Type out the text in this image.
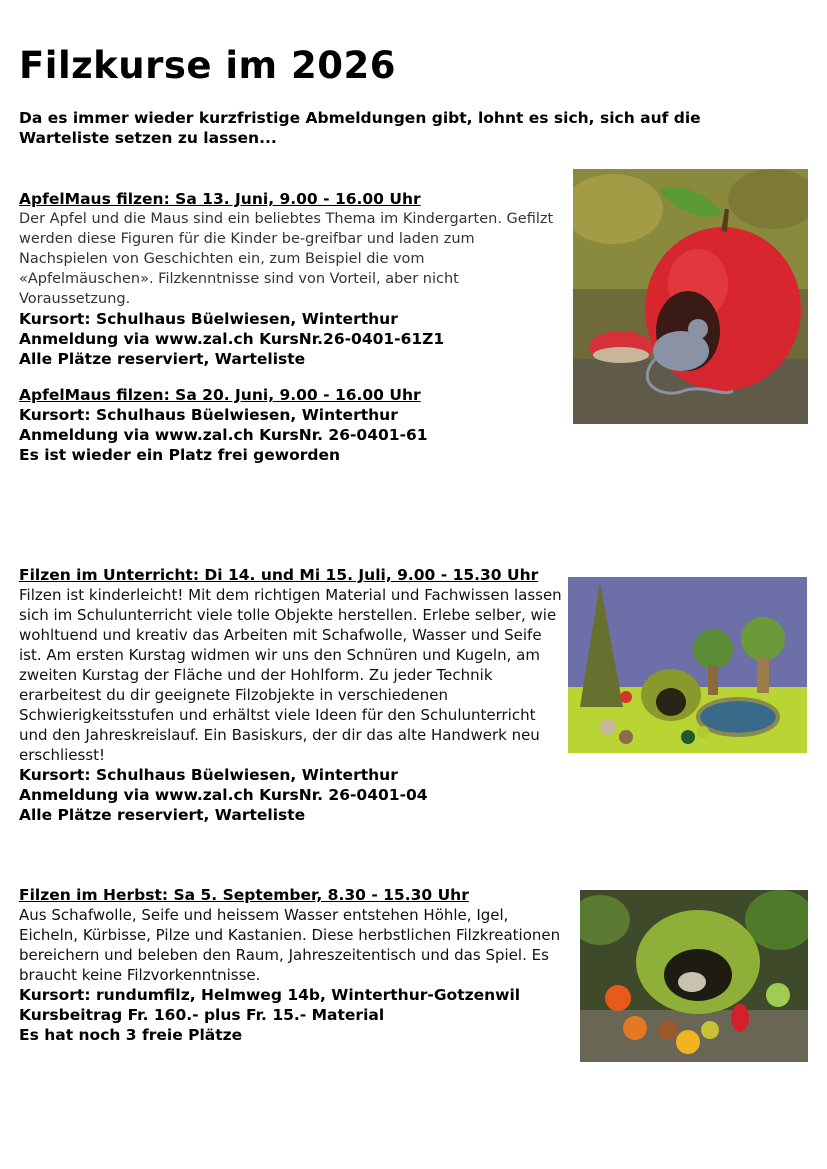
Filzkurse im 2026
Da es immer wieder kurzfristige Abmeldungen gibt, lohnt es sich, sich auf die Warteliste setzen zu lassen...
ApfelMaus filzen: Sa 13. Juni, 9.00 - 16.00 Uhr
Der Apfel und die Maus sind ein beliebtes Thema im Kindergarten. Gefilzt werden diese Figuren für die Kinder be-greifbar und laden zum Nachspielen von Geschichten ein, zum Beispiel die vom «Apfelmäuschen». Filzkenntnisse sind von Vorteil, aber nicht Voraussetzung.
Kursort: Schulhaus Büelwiesen, Winterthur
Anmeldung via www.zal.ch KursNr.26-0401-61Z1
Alle Plätze reserviert, Warteliste
ApfelMaus filzen: Sa 20. Juni, 9.00 - 16.00 Uhr
Kursort: Schulhaus Büelwiesen, Winterthur
Anmeldung via www.zal.ch KursNr. 26-0401-61
Es ist wieder ein Platz frei geworden
Filzen im Unterricht: Di 14. und Mi 15. Juli, 9.00 - 15.30 Uhr
Filzen ist kinderleicht! Mit dem richtigen Material und Fachwissen lassen sich im Schulunterricht viele tolle Objekte herstellen. Erlebe selber, wie wohltuend und kreativ das Arbeiten mit Schafwolle, Wasser und Seife ist. Am ersten Kurstag widmen wir uns den Schnüren und Kugeln, am zweiten Kurstag der Fläche und der Hohlform. Zu jeder Technik erarbeitest du dir geeignete Filzobjekte in verschiedenen Schwierigkeitsstufen und erhältst viele Ideen für den Schulunterricht und den Jahreskreislauf. Ein Basiskurs, der dir das alte Handwerk neu erschliesst!
Kursort: Schulhaus Büelwiesen, Winterthur
Anmeldung via www.zal.ch KursNr. 26-0401-04
Alle Plätze reserviert, Warteliste
Filzen im Herbst: Sa 5. September, 8.30 - 15.30 Uhr
Aus Schafwolle, Seife und heissem Wasser entstehen Höhle, Igel, Eicheln, Kürbisse, Pilze und Kastanien. Diese herbstlichen Filzkreationen bereichern und beleben den Raum, Jahreszeitentisch und das Spiel. Es braucht keine Filzvorkenntnisse.
Kursort: rundumfilz, Helmweg 14b, Winterthur-Gotzenwil
Kursbeitrag Fr. 160.- plus Fr. 15.- Material
Es hat noch 3 freie Plätze
